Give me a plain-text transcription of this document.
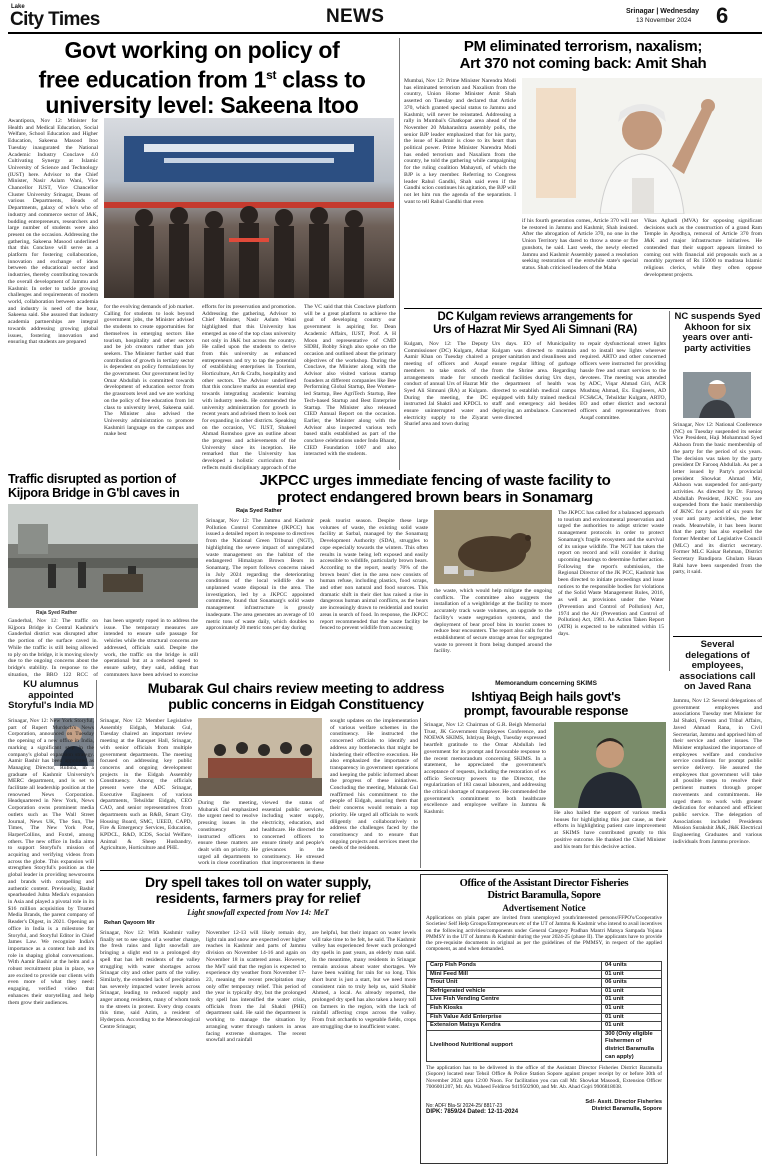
Lake
City Times	NEWS	Srinagar | Wednesday
13 November 2024 6
Govt working on policy of
free education from 1st class to
university level: Sakeena Itoo
Awantipora, Nov 12: Minister for Health and Medical Education, Social Welfare, School Education and Higher Education, Sakeena Masood Itoo Tuesday inaugurated the National Academic Industry Conclave 4.0 Cultivating Synergy at Islamic University of Science and Technology (IUST) here. Advisor to the Chief Minister, Nasir Aslam Wani, Vice Chancellor IUST, Vice Chancellor Cluster University Srinagar, Deans of various Departments, Heads of Departments, galaxy of who's who of industry and commerce sector of J&K, budding entrepreneurs, researchers and large number of students were also present on the occasion. Addressing the gathering, Sakeena Masood underlined that this Conclave will serve as a platform for fostering collaboration, innovation and exchange of ideas between the educational sector and industries, thereby contributing towards the overall development of Jammu and Kashmir. In order to tackle growing challenges and requirements of modern world, collaboration between academia and industry is need of the hour, Sakeena said. She assured that industry academia partnerships are integral towards addressing growing global issues, fostering innovation and ensuring that students are prepared
for the evolving demands of job market. Calling for students to look beyond government jobs, the Minister advised the students to create opportunities for themselves in emerging sectors like tourism, hospitality and other sectors and be job creators rather than job seekers. The Minister further said that contribution of growth in tertiary sector is dependent on policy formulations by the government. Our government led by Omar Abdullah is committed towards development of education sector from the grassroots level and we are working on the policy of free education from 1st class to university level, Sakeena said. The Minister also advised the University administration to promote Kashmiri language on the campus and make best
efforts for its preservation and promotion. Addressing the gathering, Advisor to Chief Minister, Nasir Aslam Wani highlighted that this University has emerged as one of the top class university not only in J&K but across the country. He called upon the students to derive from this university as enhanced entrepreneurs and try to tap the potential of establishing enterprises in Tourism, Horticulture, Art & Crafts, hospitality and other sectors. The Advisor underlined that this conclave marks an essential step towards integrating academic learning with industry needs. He commended the university administration for growth in recent years and advised them to look out for expanding in other districts. Speaking on the occasion, VC IUST, Shakeel Ahmad Romshoo gave an outline about the progress and achievements of the University since its inception. He remarked that the University has developed a holistic curriculum that reflects multi disciplinary approach of the
The VC said that this Conclave platform will be a great platform to achieve the goal of developing country our government is aspiring for. Dean Academic Affairs, IUST, Prof. A H Moon and representative of CMD SIDBI, Bobby Singh also spoke on the occasion and outlined about the primary objectives of the workshop. During the Conclave, the Minister along with the Advisor also visited various startup founders at different companies like Bee Performing Global Startup, Bee Women-led Startup, Bee AgriTech Startup, Bee Tech-based Startup and Best Enterprise Startup. The Minister also released CIED Annual Report on the occasion. Earlier, the Minister along with the Advisor also inspected various tech based stalls established as part of the conclave celebrations under Indo Bharat, CIED Foundation 1007 and also interacted with the students.
PM eliminated terrorism, naxalism;
Art 370 not coming back: Amit Shah
Mumbai, Nov 12: Prime Minister Narendra Modi has eliminated terrorism and Naxalism from the country, Union Home Minister Amit Shah asserted on Tuesday and declared that Article 370, which granted special status to Jammu and Kashmir, will never be reinstated. Addressing a rally in Mumbai's Ghatkopar area ahead of the November 20 Maharashtra assembly polls, the senior BJP leader emphasized that for his party, the issue of Kashmir is close to its heart than political power. Prime Minister Narendra Modi has ended terrorism and Naxalism from the country, he told the gathering while campaigning for the ruling coalition Mahayuti, of which the BJP is a key member. Referring to Congress leader Rahul Gandhi, Shah said even if the Gandhi scion continues his agitation, the BJP will not let him run the agenda of the separatists. I want to tell Rahul Gandhi that even
if his fourth generation comes, Article 370 will not be restored in Jammu and Kashmir, Shah insisted. After the abrogation of Article 370, no one in the Union Territory has dared to throw a stone or fire gunshots, he said. Last week, the newly elected Jammu and Kashmir Assembly passed a resolution seeking restoration of the erstwhile state's special status. Shah criticised leaders of the Maha
Vikas Aghadi (MVA) for opposing significant decisions such as the construction of a grand Ram Temple in Ayodhya, removal of Article 370 from J&K and major infrastructure initiatives. He contended that their support appears limited to coming out with financial aid proposals such as a monthly payment of Rs 15000 to madrasa Islamic religious clerics, while they often oppose development projects.
DC Kulgam reviews arrangements for
Urs of Hazrat Mir Syed Ali Simnani (RA)
Kulgam, Nov 12: The Deputy Commissioner (DC) Kulgam, Athar Aamir Khan on Tuesday chaired a meeting of officers and Auqaf members to take stock of the arrangements made for smooth conduct of annual Urs of Hazrat Mir Syed Ali Simnani (RA) at Kulgam. During the meeting, the DC instructed Jal Shakti and KPDCL to ensure uninterrupted water and electricity supply to the Ziyarat Sharief area and town during
Urs days. EO of Municipality Kulgam was directed to maintain proper sanitation and cleanliness and ensure regular lifting of garbage from the Shrine area. Regarding medical facilities during Urs days, the department of health was directed to establish medical camps equipped with fully trained medical staff and emergency aid besides deploying an ambulance. Concerned were directed
to repair dysfunctional street lights and to install new lights wherever required. ARTO and other concerned officers were instructed for providing hassle free and smart services to the devotees. The meeting was attended by ADC, Viqar Ahmad Giri, ACR Mushtaq Ahmad, Ex. Engineers, AD FCS&CA, Tehsildar Kulgam, ARTO, EO and other district and sectoral officers and representatives from Auqaf committee.
NC suspends Syed Akhoon for six years over anti-party activities
Srinagar, Nov 12: National Conference (NC) on Tuesday suspended its senior Vice President, Haji Mohammad Syed Akhoon from the basic membership of the party for the period of six years. The decision was taken by the party president Dr Farooq Abdullah. As per a letter issued by Party's provincial president Showkat Ahmad Mir, Akhoon was suspended for anti-party activities. As directed by Dr. Farooq Abdullah President, JKNC you are suspended from the basic membership of JKNC for a period of six years for your anti party activities, the letter reads. Meanwhile, it has been learnt that the party has also expelled the former Member of Legislative Council (MLC) and its district secretary. Former MLC Kaisar Rehman, District Secretary Bandipora Ghulam Hasan Rahi have been suspended from the party, it said.
Several delegations of employees, associations call on Javed Rana
Jammu, Nov 12: Several delegations of government employees and associations Tuesday met Minister for Jal Shakti, Forests and Tribal Affairs, Javed Ahmad Rana, in Civil Secretariat, Jammu and apprised him of their service and other issues. The Minister emphasized the importance of employees welfare and conducive service conditions for prompt public service delivery. He assured the employees that government will take all possible steps to resolve their pertinent matters through proper movements and commitments. He urged them to work with greater dedication for enhanced and efficient public service. The delegation of Associations included Presidents Mission Surakshit J&K, J&K Electrical Engineering Graduates and various individuals from Jammu province.
Traffic disrupted as portion of Kijpora Bridge in G'bl caves in
Raja Syed Rather
Ganderbal, Nov 12: The traffic on Kijpora Bridge in Central Kashmir's Ganderbal district was disrupted after the portion of the surface caved in. While the traffic is still being allowed to ply on the bridge, it is moving slowly due to the ongoing concerns about the bridge's stability. In response to the situation, the BRO 122 RCC of
has been urgently roped in to address the issue. The temporary measures are intended to ensure safe passage for vehicles while the structural concerns are addressed, officials said. Despite the work, the traffic on the bridge is still operational but at a reduced speed to ensure safety, they said, adding that commuters have been advised to exercise
JKPCC urges immediate fencing of waste facility to
protect endangered brown bears in Sonamarg
Raja Syed Rather
Srinagar, Nov 12: The Jammu and Kashmir Pollution Control Committee (JKPCC) has issued a detailed report in response to directives from the National Green Tribunal (NGT), highlighting the severe impact of unregulated waste management on the habitat of the endangered Himalayan Brown Bears in Sonamarg. The report follows concerns raised in July 2024 regarding the deteriorating conditions of the local wildlife due to unplanned waste disposal in the area. The investigation, led by a JKPCC appointed committee, found that Sonamarg's solid waste management infrastructure is grossly inadequate. The area generates an average of 10 metric tons of waste daily, which doubles to approximately 20 metric tons per day during
peak tourist season. Despite these large volumes of waste, the existing solid waste facility at Sarbal, managed by the Sonamarg Development Authority (SDA), struggles to cope especially towards the winters. This often results in waste being left exposed and easily accessible to wildlife, particularly brown bears. According to the report, nearly 70% of the brown bears' diet in the area now consists of human refuse, including plastics, food scraps, and other non natural and food sources. This dramatic shift in their diet has raised a rise in dangerous human animal conflicts, as the bears are increasingly drawn to residential and tourist areas in search of food. In response, the JKPCC report recommended that the waste facility be fenced to prevent wildlife from accessing
the waste, which would help mitigate the ongoing conflicts. The committee also suggests the installation of a weighbridge at the facility to more accurately track waste volumes, an upgrade to the facility's waste segregation systems, and the deployment of bear proof bins in tourist zones to reduce bear encounters. The report also calls for the establishment of secure storage areas for segregated waste to prevent it from being dumped around the facility.
The JKPCC has called for a balanced approach to tourism and environmental preservation and urged the authorities to adopt stricter waste management protocols in order to protect Sonamarg's fragile ecosystem and the survival of its unique wildlife. The NGT has taken the report on record and will consider it during upcoming hearings to determine further action. Following the report's submission, the Regional Director of the JK PCC, Kashmir has been directed to initiate proceedings and issue notices to the responsible bodies for violations of the Solid Waste Management Rules, 2016, as well as provisions under the Water (Prevention and Control of Pollution) Act, 1974 and the Air (Prevention and Control of Pollution) Act, 1981. An Action Taken Report (ATR) is expected to be submitted within 15 days.
KU alumnus appointed Storyful's India MD
Srinagar, Nov 12: New York Storyful, part of Rupert Murdoch's News Corporation, announced on Tuesday the opening of a new office in India, marking a significant step in the company's global expansion strategy. Aamir Bashir has been appointed as Managing Director, Rubina, in a graduate of Kashmir University's MERC department, and is set to facilitate all leadership position at the renowned News Corporation. Headquartered in New York, News Corporation owns prominent media outlets such as The Wall Street Journal, News UK, The Sun, The Times, The New York Post, HarperCollins, and Foxtel, among others. The new office in India aims to support Storyful's mission of acquiring and verifying videos from across the globe. This expansion will strengthen Storyful's position as the global leader in providing newsrooms and brands with compelling and authentic content. Previously, Bashir spearheaded Juhta Media's expansion in Asia and played a pivotal role in its $16 million acquisition by Trusted Media Brands, the parent company of Reader's Digest, in 2021. Opening an office in India is a milestone for Storyful, and Storyful Editor in Chief James Law. We recognize India's importance as a content hub and its role in shaping global conversations. With Aamir Bashir at the helm and a robust recruitment plan in place, we are excited to provide our clients with even more of what they need: engaging, verified video that enhances their storytelling and help them grow their audiences.
Mubarak Gul chairs review meeting to address
public concerns in Eidgah Constituency
Srinagar, Nov 12: Member Legislative Assembly Eidgah, Mubarak Gul, Tuesday chaired an important review meeting at the Banquet Hall, Srinagar, with senior officials from multiple government departments. The meeting focused on addressing key public concerns and ongoing development projects in the Eidgah Assembly Constituency. Among the officials present were the ADC Srinagar, Executive Engineers of various departments, Tehsildar Eidgah, CEO CAO, and senior representatives from departments such as R&B, Smart City, Housing Board, SMC, UEED, CAPD, Fire & Emergency Services, Education, KPDCL, R&D, ICDS, Social Welfare, Animal & Sheep Husbandry, Agriculture, Horticulture and PHE.
During the meeting, Mubarak Gul emphasized the urgent need to resolve pressing issues in the constituency and instructed officers to ensure these matters are dealt with on priority. He urged all departments to work in close coordination
viewed the status of essential public services, including water supply, electricity, education, and healthcare. He directed the concerned officers to ensure timely and people's grievances in the constituency. He stressed that improvements in these
sought updates on the implementation of various welfare schemes in the constituency. He instructed the concerned officials to identify and address any bottlenecks that might be hindering their effective execution. He also emphasized the importance of transparency in government operations and keeping the public informed about the progress of these initiatives. Concluding the meeting, Mubarak Gul reaffirmed his commitment to the people of Eidgah, assuring them that their concerns would remain a top priority. He urged all officials to work diligently and collaboratively to address the challenges faced by the constituency and to ensure that ongoing projects and services meet the needs of the residents.
Memorandum concerning SKIMS
Ishtiyaq Beigh hails govt's
prompt, favourable response
Srinagar, Nov 12: Chairman of G.R. Beigh Memorial Trust, JK Government Employees Conference, and NOEWA SKIMS, Ishtiyaq Beigh, Tuesday expressed heartfelt gratitude to the Omar Abdullah led government for its prompt and favourable response to the recent memorandum concerning SKIMS. In a statement, he appreciated the government's acceptance of requests, including the restoration of ex officio Secretary powers to the Director, the regularization of 183 casual labourers, and addressing the critical shortage of manpower. He commended the government's commitment to both healthcare excellence and employee welfare in Jammu & Kashmir.	He also hailed the support of various media houses for highlighting this just cause, as their efforts in highlighting patient care improvement at SKIMS have contributed greatly to this positive outcome. He thanked the Chief Minister and his team for this decisive action.
Dry spell takes toll on water supply,
residents, farmers pray for relief
Light snowfall expected from Nov 14: MeT
Rehan Qayoom Mir
Srinagar, Nov 12: With Kashmir valley finally set to see signs of a weather change, the fresh rains and light snowfall are bringing a slight end to a prolonged dry spell that has left residents of the valley struggling with water shortages across Srinagar city and other parts of the valley. Similarly, the extended lack of precipitation has severely impacted water levels across Srinagar, leading to reduced supply and anger among residents, many of whom took to the streets in protest. Every drop counts this time, said Azim, a resident of Hyderpora. According to the Meteorological Centre Srinagar,
November 12-13 will likely remain dry, light rain and snow are expected over higher reaches in Kashmir and parts of Jammu division on November 14-16 and again on November 18 in scattered areas. However, the MeT said that the region is expected to experience dry weather from November 17-23, meaning the recent precipitation may only offer temporary relief. This period of the year is typically dry, but the prolonged dry spell has intensified the water crisis, officials from the Jal Shakti (PHE) department said. He said the department is working to manage the situation by arranging water through tankers in areas facing extreme shortages. The recent snowfall and rainfall
are helpful, but their impact on water levels will take time to be felt, he said. The Kashmir valley has experienced fewer such prolonged dry spells in past years, an elderly man said. In the meantime, many residents in Srinagar remain anxious about water shortages. We have been waiting for rain for so long. This short burst is just a start, but we need more consistent rain to truly help us, said Shabir Ahmed, a local. As already reported, the prolonged dry spell has also taken a heavy toll on farmers in the region, with the lack of rainfall affecting crops across the valley. From fruit orchards to vegetable fields, crops are struggling due to insufficient water.
Office of the Assistant Director Fisheries
District Baramulla, Sopore
Advertisement Notice
Applications on plain paper are invited from unemployed youth/interested persons/FFPO's/Cooperative Societies/ Self Help Groups/Entrepreneurs etc of the UT of Jammu & Kashmir who intend to avail incentives on the following activities/components under General Category Pradhan Mantri Matsya Sampada Yojana PMMSY in the UT of Jammu & Kashmir during the year 2024-25 (phase II). The applicants have to provide the pre-requisite documents in original as per the guidelines of the PMMSY, in respect of the applied component, as and when demanded.
Carp Fish Ponds	04 units
Mini Feed Mill	01 unit
Trout Unit	06 units
Refrigerated vehicle	01 unit
Live Fish Vending Centre	01 unit
Fish Kiosks	01 unit
Fish Value Add Enterprise	01 unit
Extension Matsya Kendra	01 unit
Livelihood Nutritional support	300 (Only eligible Fishermen of district Baramulla can apply)
The application has to be delivered in the office of the Assistant Director Fisheries District Baramulla (Sopore) located near Tehsil Office & Police Station Sopore against proper receipt by or before 30th of November 2024 upto 12:00 Noon. For facilitation you can call Mr. Showkat Masoodi, Extension Officer 7006001207, Mr. Ab. Waheed Feldiroo 9419502900, and Mr. Ab. Ahad Gojri 9906818038.
Sd/- Asstt. Director Fisheries
District Baramulla, Sopore
No: ADF/ Bla-S/ 2024-25/ 8817-23
DIPK: 7859/24 Dated: 12-11-2024
